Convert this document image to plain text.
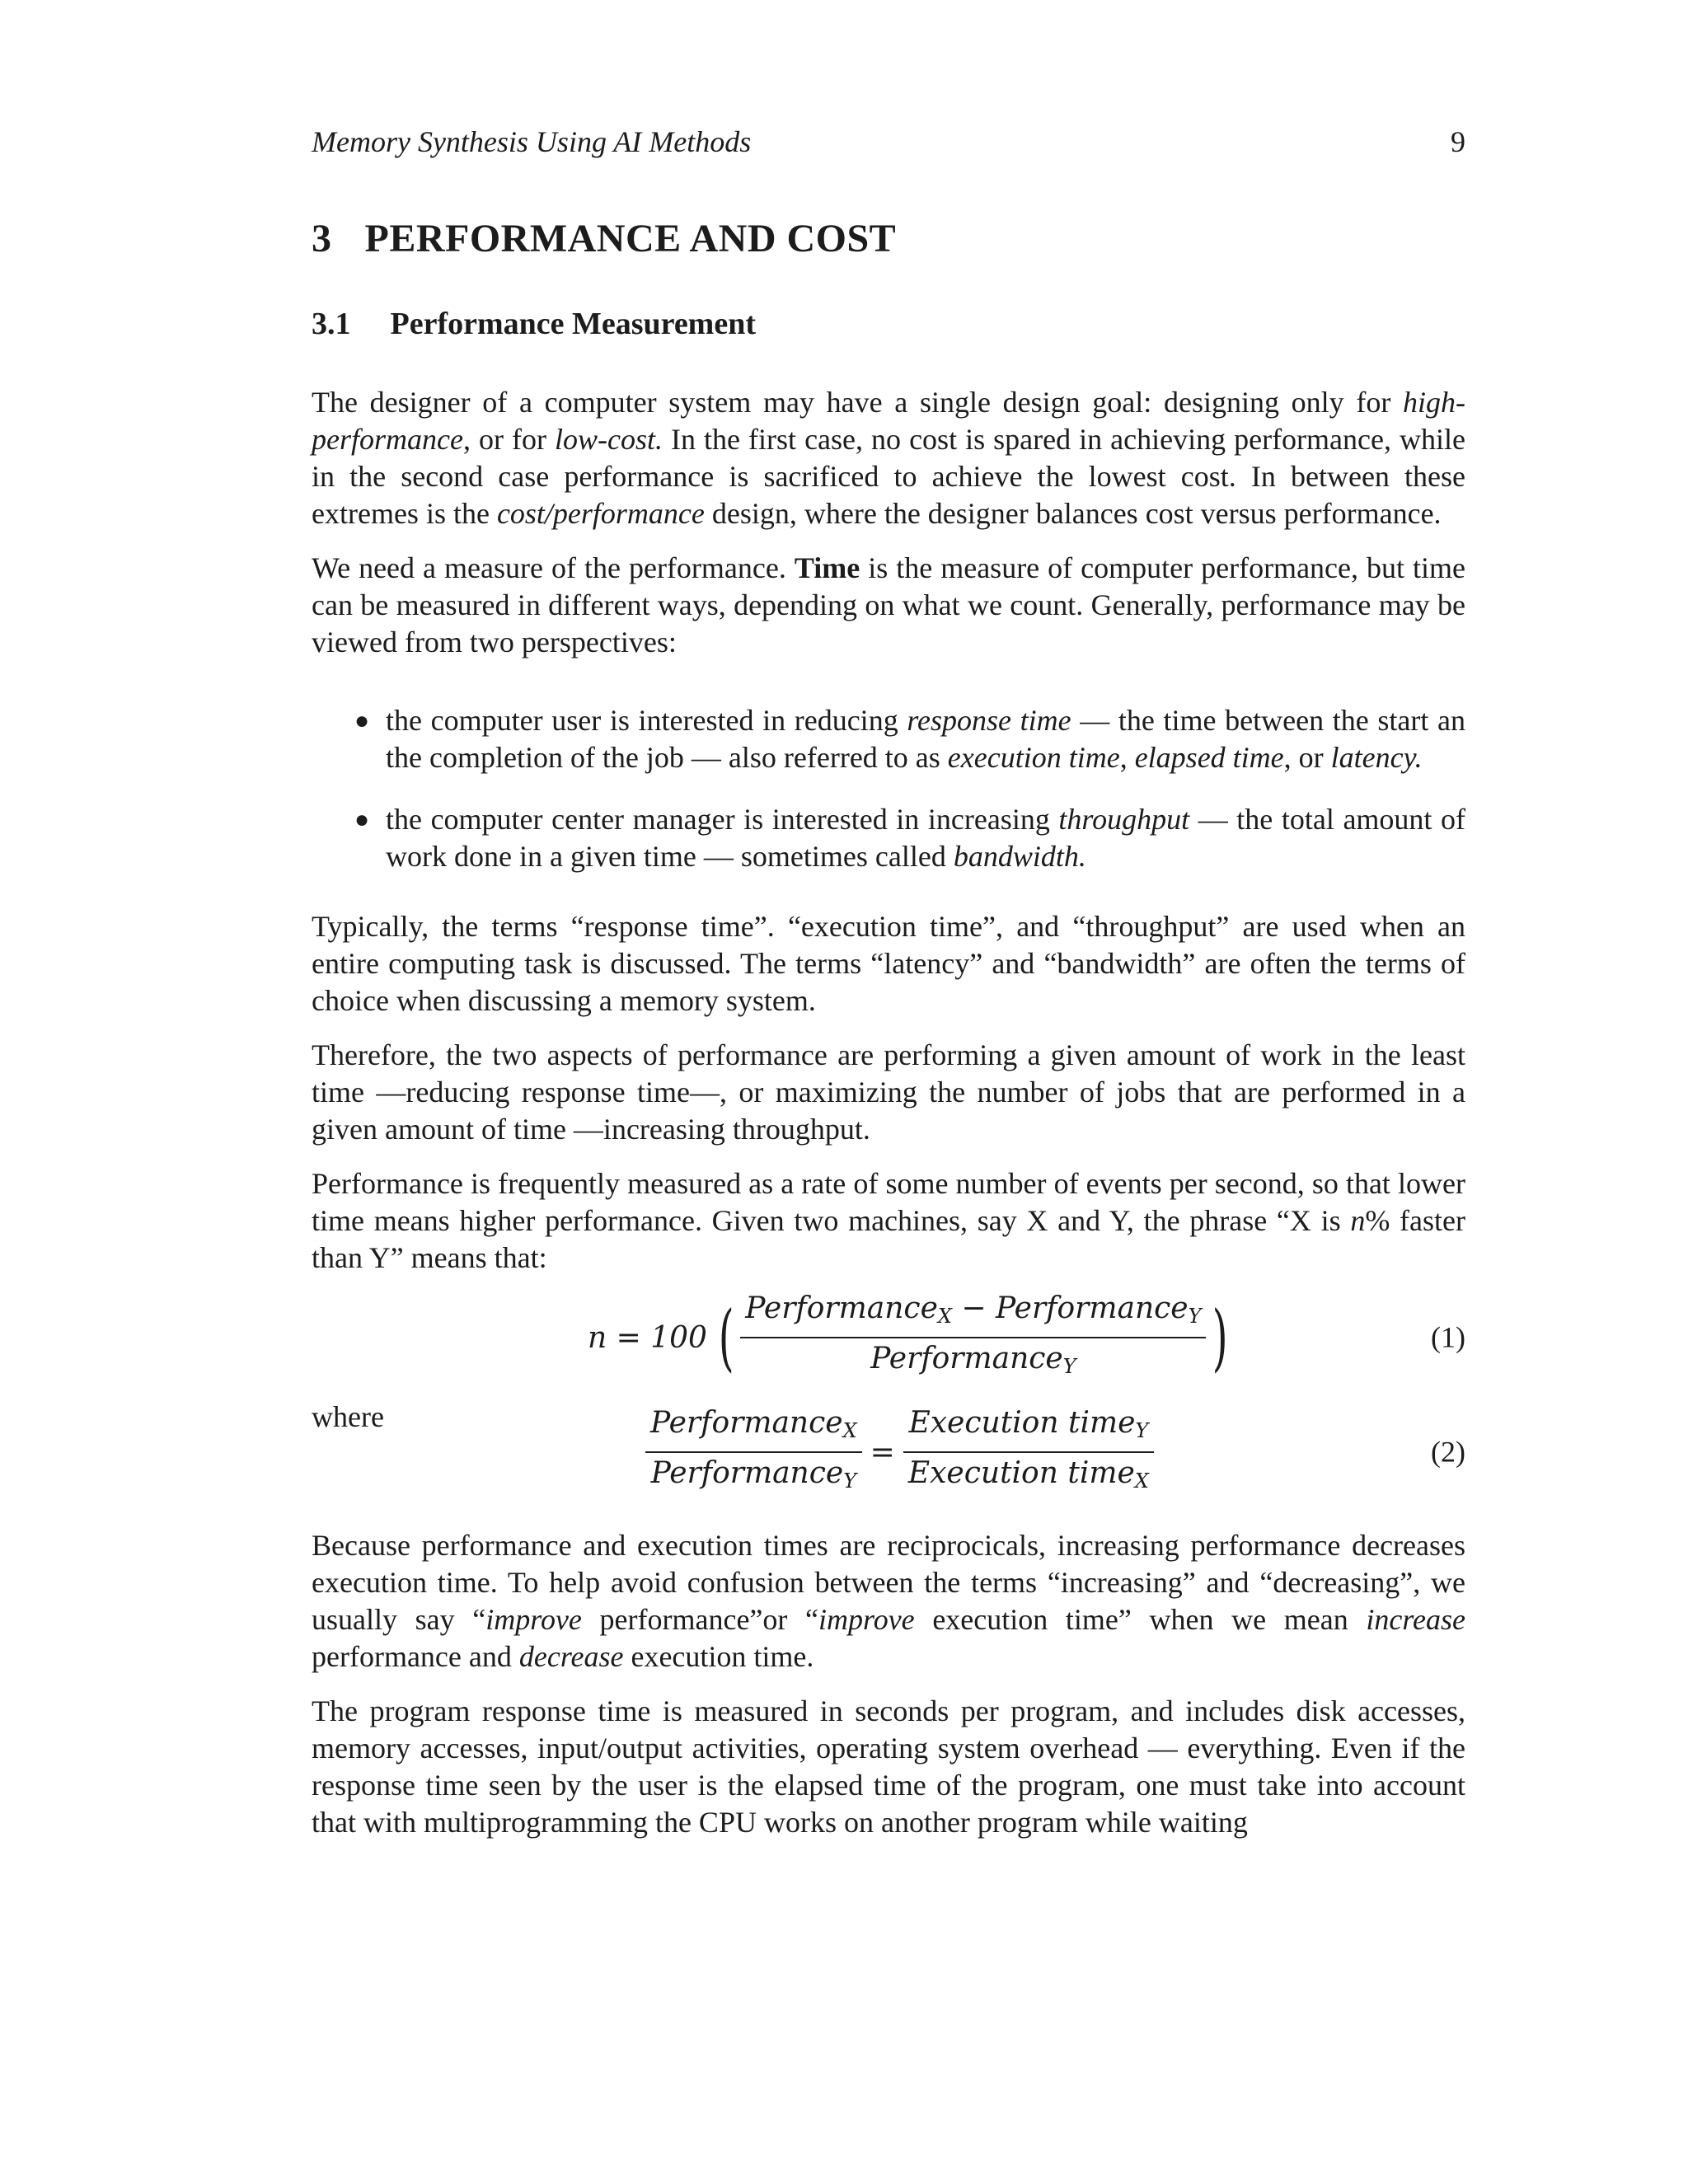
Memory Synthesis Using AI Methods	9
3 PERFORMANCE AND COST
3.1 Performance Measurement

The designer of a computer system may have a single design goal: designing only for high-performance, or for low-cost. In the first case, no cost is spared in achieving performance, while in the second case performance is sacrificed to achieve the lowest cost. In between these extremes is the cost/performance design, where the designer balances cost versus performance.

We need a measure of the performance. Time is the measure of computer performance, but time can be measured in different ways, depending on what we count. Generally, performance may be viewed from two perspectives:

● the computer user is interested in reducing response time — the time between the start an the completion of the job — also referred to as execution time, elapsed time, or latency.
● the computer center manager is interested in increasing throughput — the total amount of work done in a given time — sometimes called bandwidth.

Typically, the terms “response time”. “execution time”, and “throughput” are used when an entire computing task is discussed. The terms “latency” and “bandwidth” are often the terms of choice when discussing a memory system.

Therefore, the two aspects of performance are performing a given amount of work in the least time —reducing response time—, or maximizing the number of jobs that are performed in a given amount of time —increasing throughput.

Performance is frequently measured as a rate of some number of events per second, so that lower time means higher performance. Given two machines, say X and Y, the phrase “X is n% faster than Y” means that:

n = 100 ( $\frac{Performance_X - Performance_Y}{Performance_Y}$ )	(1)
where	$\frac{Performance_X}{Performance_Y} = \frac{Execution time_Y}{Execution time_X}$	(2)

Because performance and execution times are reciprocicals, increasing performance decreases execution time. To help avoid confusion between the terms “increasing” and “decreasing”, we usually say “improve performance”or “improve execution time” when we mean increase performance and decrease execution time.

The program response time is measured in seconds per program, and includes disk accesses, memory accesses, input/output activities, operating system overhead — everything. Even if the response time seen by the user is the elapsed time of the program, one must take into account that with multiprogramming the CPU works on another program while waiting
